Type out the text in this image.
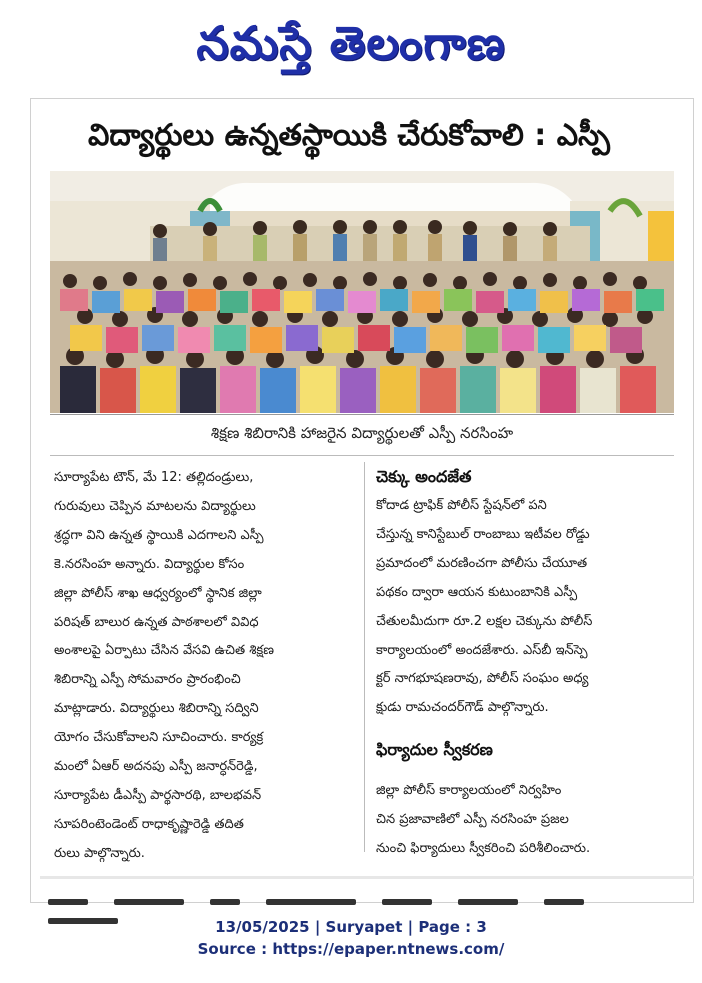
నమస్తే తెలంగాణ
విద్యార్థులు ఉన్నతస్థాయికి చేరుకోవాలి : ఎస్పీ
శిక్షణ శిబిరానికి హాజరైన విద్యార్థులతో ఎస్పీ నరసింహ
సూర్యాపేట టౌన్, మే 12: తల్లిదండ్రులు,
గురువులు చెప్పిన మాటలను విద్యార్థులు
శ్రద్ధగా విని ఉన్నత స్థాయికి ఎదగాలని ఎస్పీ
కె.నరసింహ అన్నారు. విద్యార్థుల కోసం
జిల్లా పోలీస్ శాఖ ఆధ్వర్యంలో స్థానిక జిల్లా
పరిషత్ బాలుర ఉన్నత పాఠశాలలో వివిధ
అంశాలపై ఏర్పాటు చేసిన వేసవి ఉచిత శిక్షణ
శిబిరాన్ని ఎస్పీ సోమవారం ప్రారంభించి
మాట్లాడారు. విద్యార్థులు శిబిరాన్ని సద్విని
యోగం చేసుకోవాలని సూచించారు. కార్యక్ర
మంలో ఏఆర్ అదనపు ఎస్పీ జనార్ధన్‌రెడ్డి,
సూర్యాపేట డీఎస్పీ పార్థసారథి, బాలభవన్
సూపరింటెండెంట్ రాధాకృష్ణారెడ్డి తదిత
రులు పాల్గొన్నారు.
చెక్కు అందజేత
కోదాడ ట్రాఫిక్ పోలీస్ స్టేషన్‌లో పని
చేస్తున్న కానిస్టేబుల్ రాంబాబు ఇటీవల రోడ్డు
ప్రమాదంలో మరణించగా పోలీసు చేయూత
పథకం ద్వారా ఆయన కుటుంబానికి ఎస్పీ
చేతులమీదుగా రూ.2 లక్షల చెక్కును పోలీస్
కార్యాలయంలో అందజేశారు. ఎస్‌బీ ఇన్‌స్పె
క్టర్ నాగభూషణరావు, పోలీస్ సంఘం అధ్య
క్షుడు రామచందర్‌గౌడ్ పాల్గొన్నారు.
ఫిర్యాదుల స్వీకరణ
జిల్లా పోలీస్ కార్యాలయంలో నిర్వహిం
చిన ప్రజావాణిలో ఎస్పీ నరసింహ ప్రజల
నుంచి ఫిర్యాదులు స్వీకరించి పరిశీలించారు.
13/05/2025 | Suryapet | Page : 3
Source : https://epaper.ntnews.com/
